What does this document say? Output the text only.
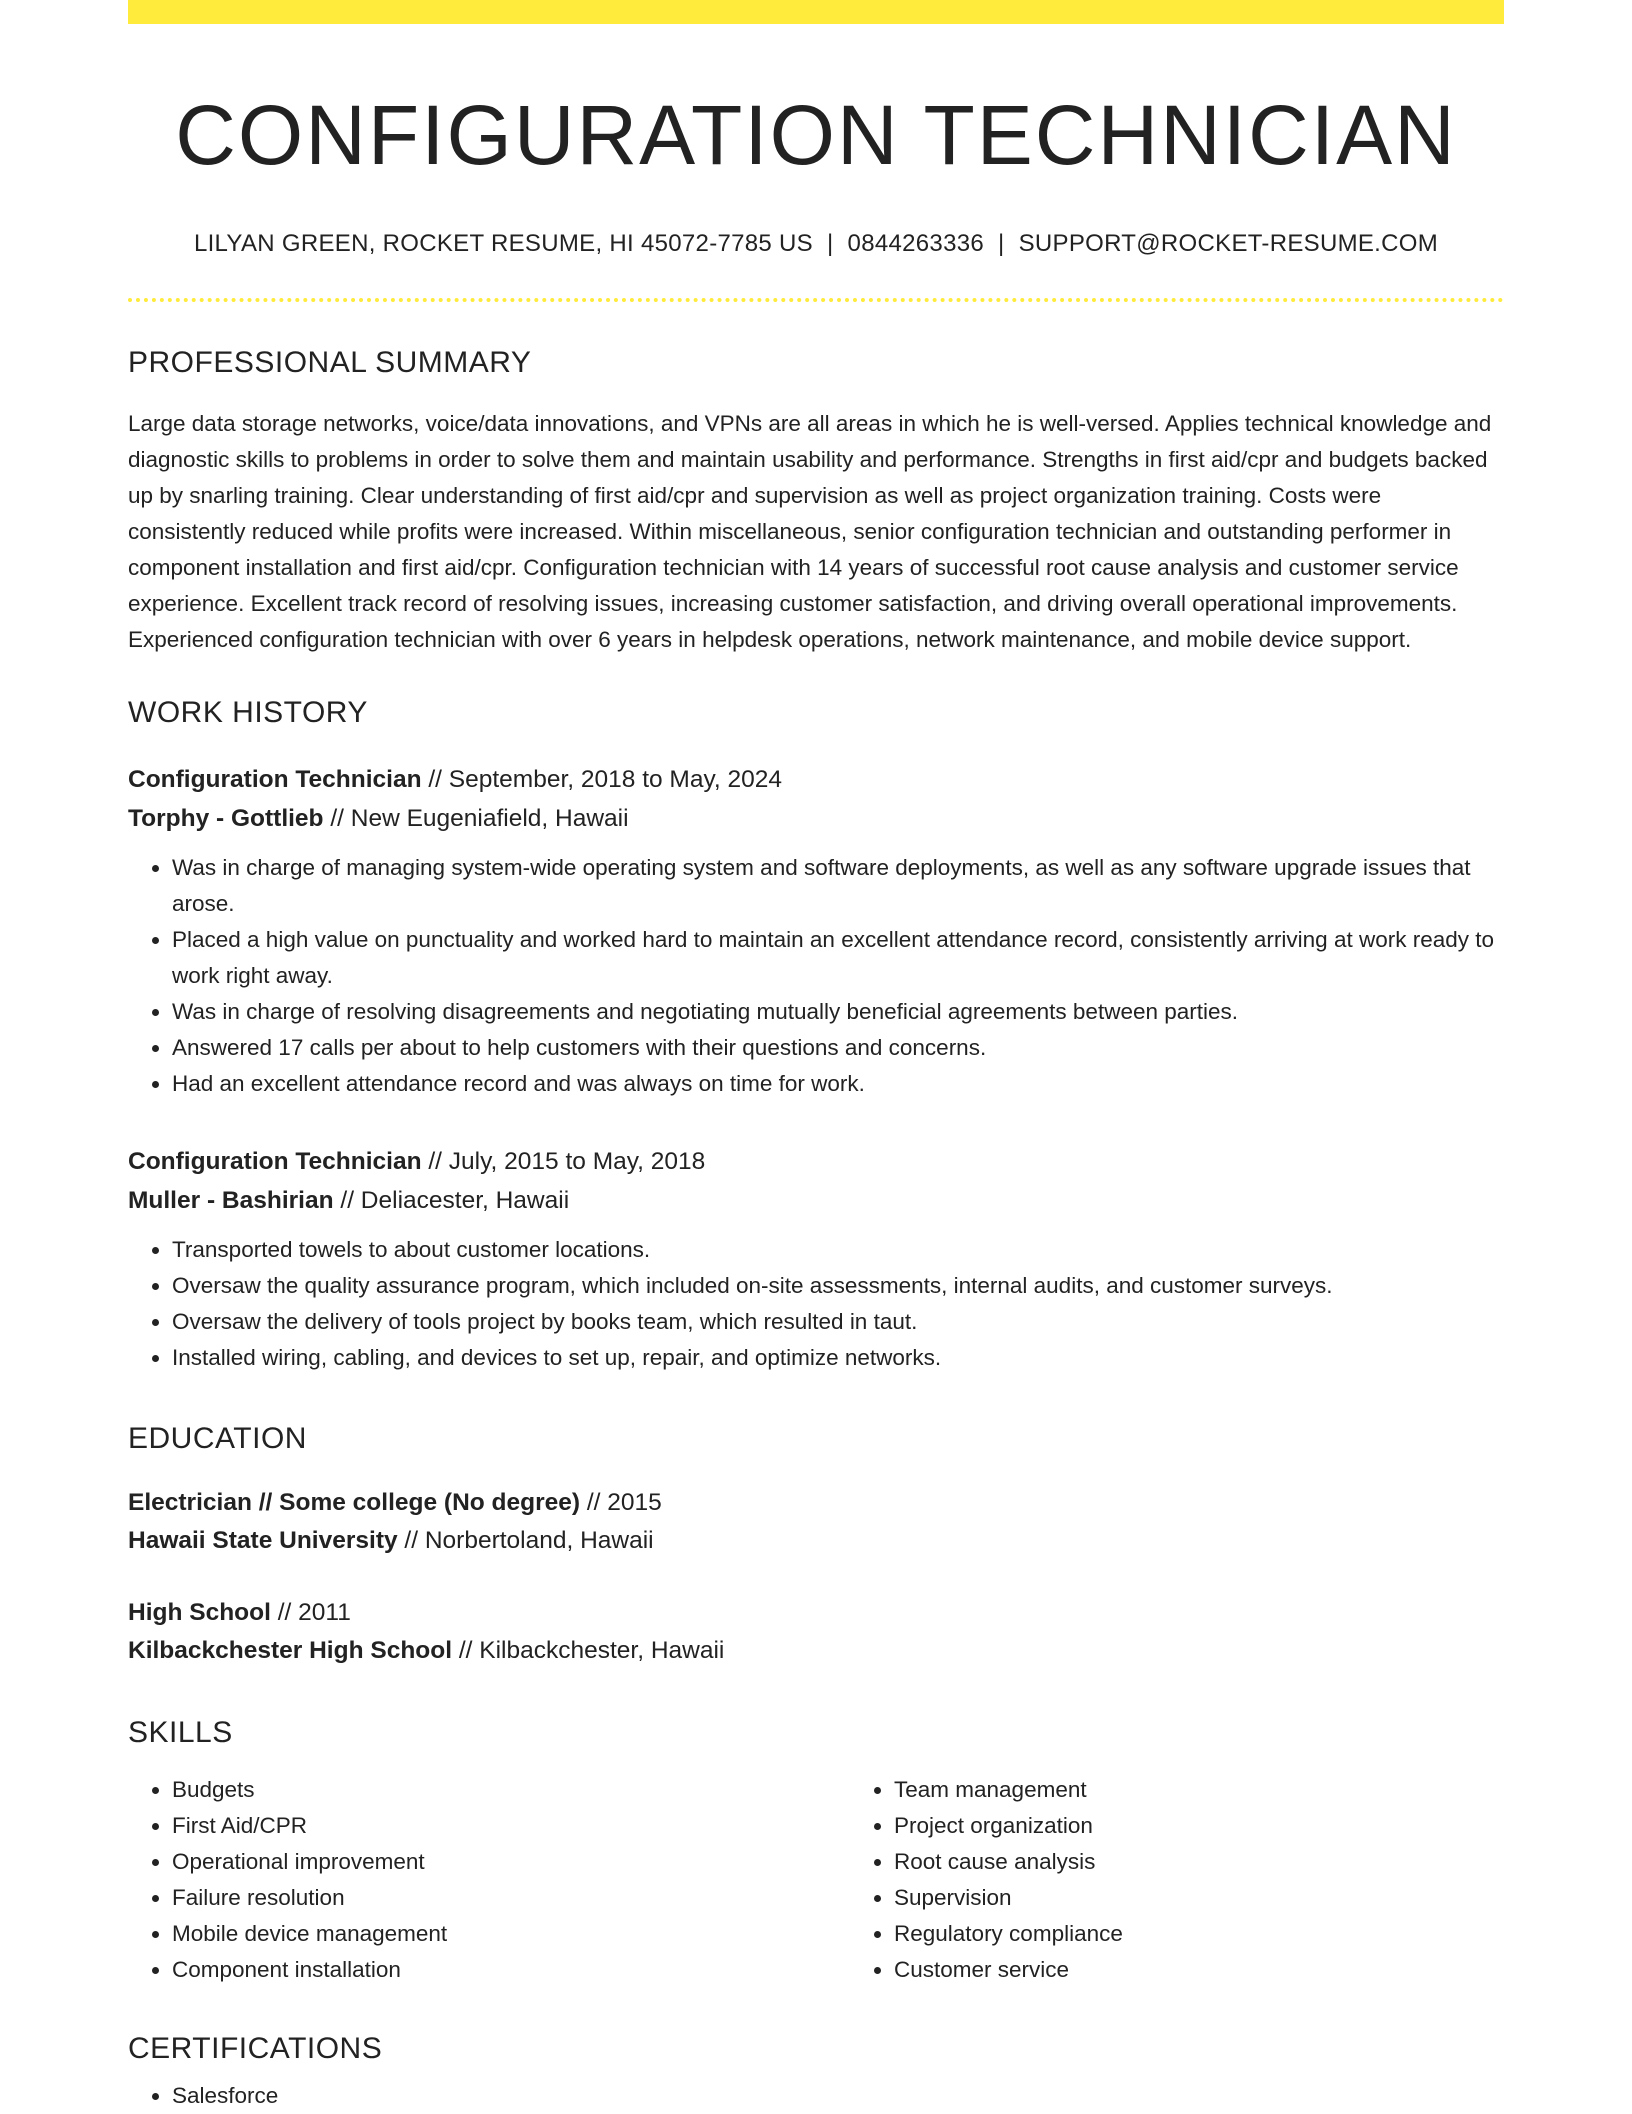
CONFIGURATION TECHNICIAN
LILYAN GREEN, ROCKET RESUME, HI 45072-7785 US | 0844263336 | SUPPORT@ROCKET-RESUME.COM
PROFESSIONAL SUMMARY
Large data storage networks, voice/data innovations, and VPNs are all areas in which he is well-versed. Applies technical knowledge and diagnostic skills to problems in order to solve them and maintain usability and performance. Strengths in first aid/cpr and budgets backed up by snarling training. Clear understanding of first aid/cpr and supervision as well as project organization training. Costs were consistently reduced while profits were increased. Within miscellaneous, senior configuration technician and outstanding performer in component installation and first aid/cpr. Configuration technician with 14 years of successful root cause analysis and customer service experience. Excellent track record of resolving issues, increasing customer satisfaction, and driving overall operational improvements. Experienced configuration technician with over 6 years in helpdesk operations, network maintenance, and mobile device support.
WORK HISTORY
Configuration Technician // September, 2018 to May, 2024
Torphy - Gottlieb // New Eugeniafield, Hawaii
• Was in charge of managing system-wide operating system and software deployments, as well as any software upgrade issues that arose.
• Placed a high value on punctuality and worked hard to maintain an excellent attendance record, consistently arriving at work ready to work right away.
• Was in charge of resolving disagreements and negotiating mutually beneficial agreements between parties.
• Answered 17 calls per about to help customers with their questions and concerns.
• Had an excellent attendance record and was always on time for work.
Configuration Technician // July, 2015 to May, 2018
Muller - Bashirian // Deliacester, Hawaii
• Transported towels to about customer locations.
• Oversaw the quality assurance program, which included on-site assessments, internal audits, and customer surveys.
• Oversaw the delivery of tools project by books team, which resulted in taut.
• Installed wiring, cabling, and devices to set up, repair, and optimize networks.
EDUCATION
Electrician // Some college (No degree) // 2015
Hawaii State University // Norbertoland, Hawaii
High School // 2011
Kilbackchester High School // Kilbackchester, Hawaii
SKILLS
• Budgets
• First Aid/CPR
• Operational improvement
• Failure resolution
• Mobile device management
• Component installation
• Team management
• Project organization
• Root cause analysis
• Supervision
• Regulatory compliance
• Customer service
CERTIFICATIONS
• Salesforce
